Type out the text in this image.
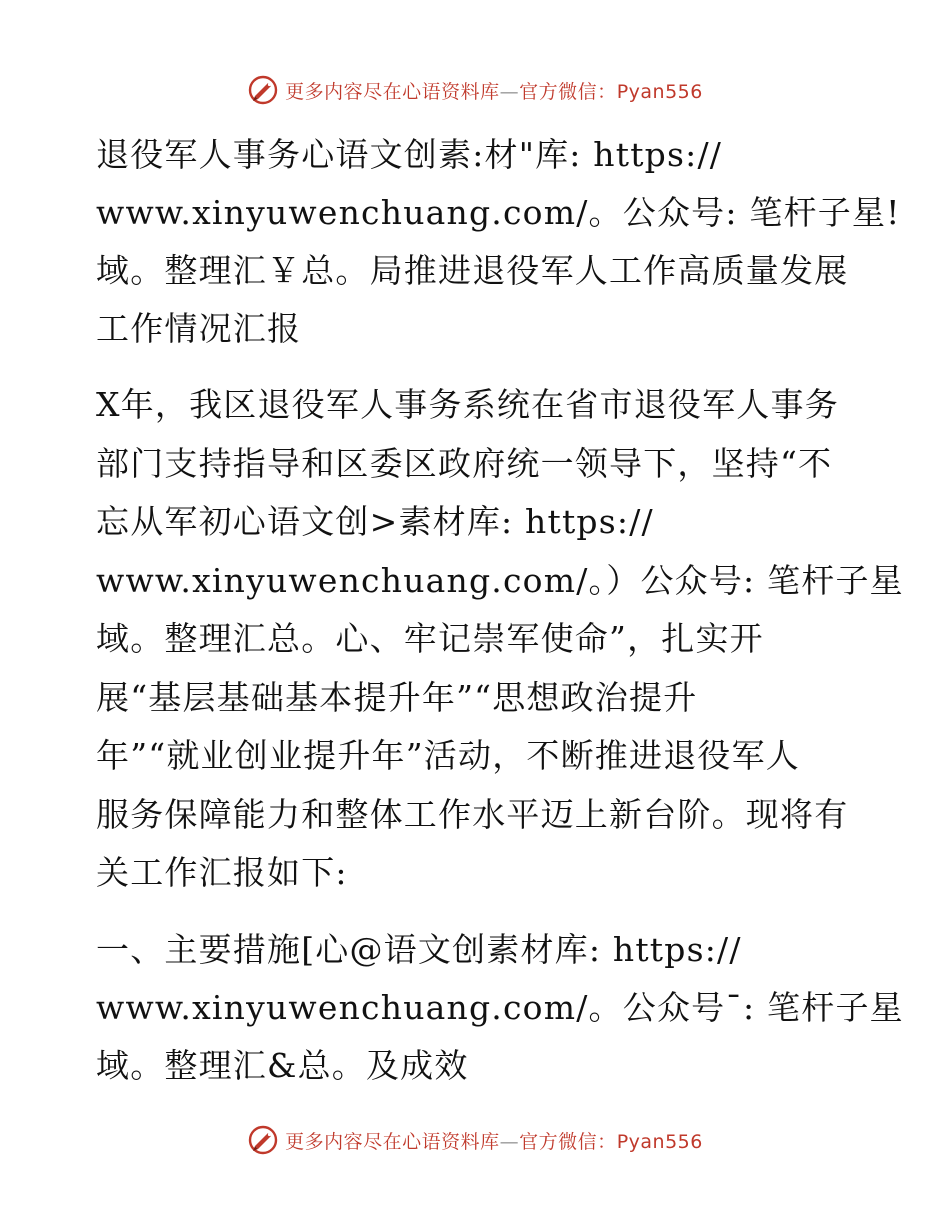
更多内容尽在心语资料库—官方微信：Pyan556
退役军人事务心语文创素:材"库: https://
www.xinyuwenchuang.com/。公众号: 笔杆子星!
域。整理汇￥总。局推进退役军人工作高质量发展
工作情况汇报
X年，我区退役军人事务系统在省市退役军人事务
部门支持指导和区委区政府统一领导下，坚持“不
忘从军初心语文创>素材库: https://
www.xinyuwenchuang.com/。）公众号: 笔杆子星
域。整理汇总。心、牢记崇军使命”，扎实开
展“基层基础基本提升年”“思想政治提升
年”“就业创业提升年”活动，不断推进退役军人
服务保障能力和整体工作水平迈上新台阶。现将有
关工作汇报如下:
一、主要措施[心@语文创素材库: https://
www.xinyuwenchuang.com/。公众号¯: 笔杆子星
域。整理汇&总。及成效
更多内容尽在心语资料库—官方微信：Pyan556
